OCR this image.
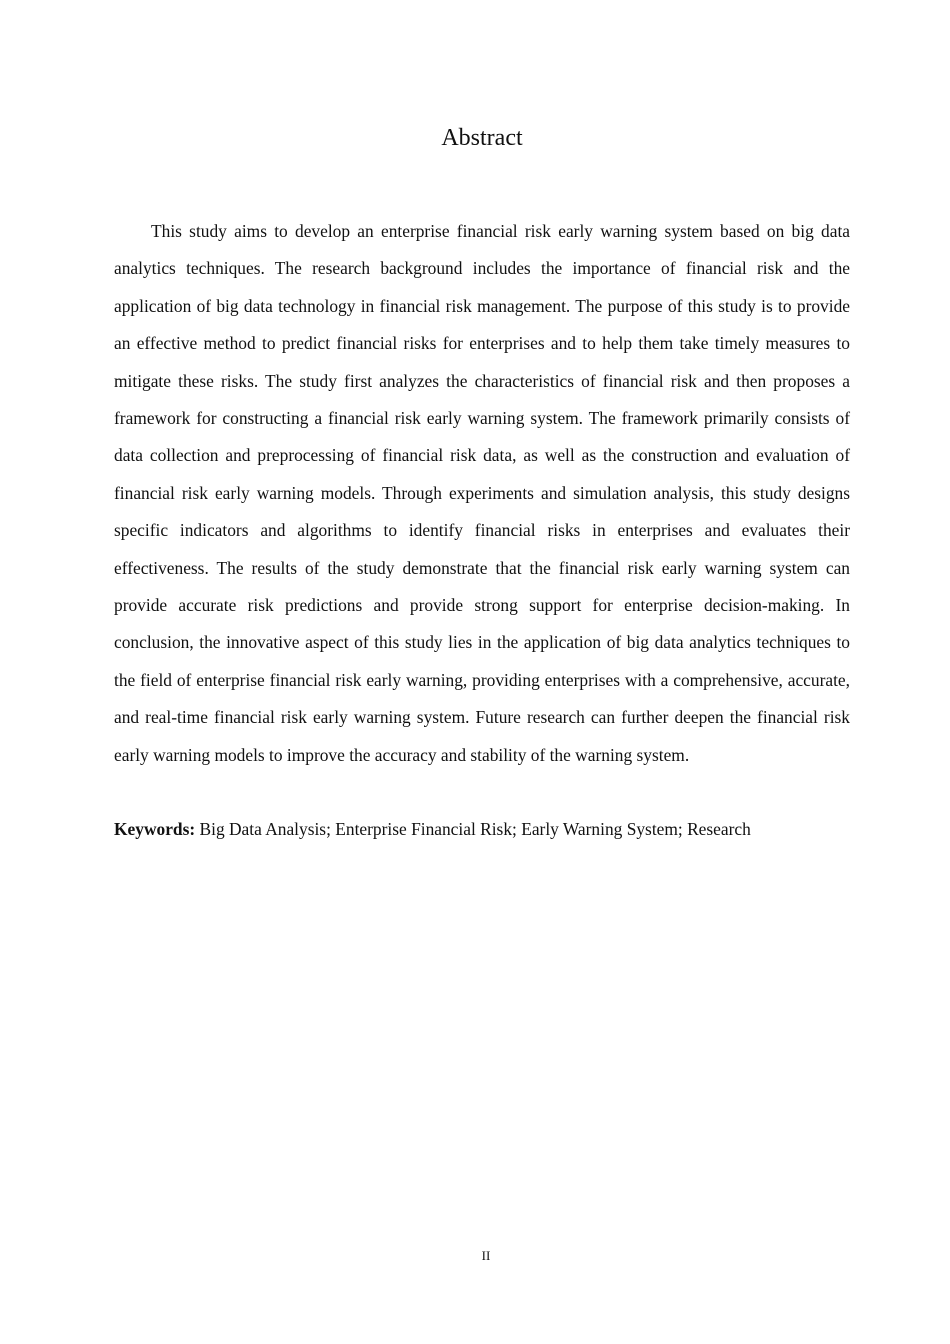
Abstract

This study aims to develop an enterprise financial risk early warning system based on big data analytics techniques. The research background includes the importance of financial risk and the application of big data technology in financial risk management. The purpose of this study is to provide an effective method to predict financial risks for enterprises and to help them take timely measures to mitigate these risks. The study first analyzes the characteristics of financial risk and then proposes a framework for constructing a financial risk early warning system. The framework primarily consists of data collection and preprocessing of financial risk data, as well as the construction and evaluation of financial risk early warning models. Through experiments and simulation analysis, this study designs specific indicators and algorithms to identify financial risks in enterprises and evaluates their effectiveness. The results of the study demonstrate that the financial risk early warning system can provide accurate risk predictions and provide strong support for enterprise decision-making. In conclusion, the innovative aspect of this study lies in the application of big data analytics techniques to the field of enterprise financial risk early warning, providing enterprises with a comprehensive, accurate, and real-time financial risk early warning system. Future research can further deepen the financial risk early warning models to improve the accuracy and stability of the warning system.

Keywords: Big Data Analysis; Enterprise Financial Risk; Early Warning System; Research

II
